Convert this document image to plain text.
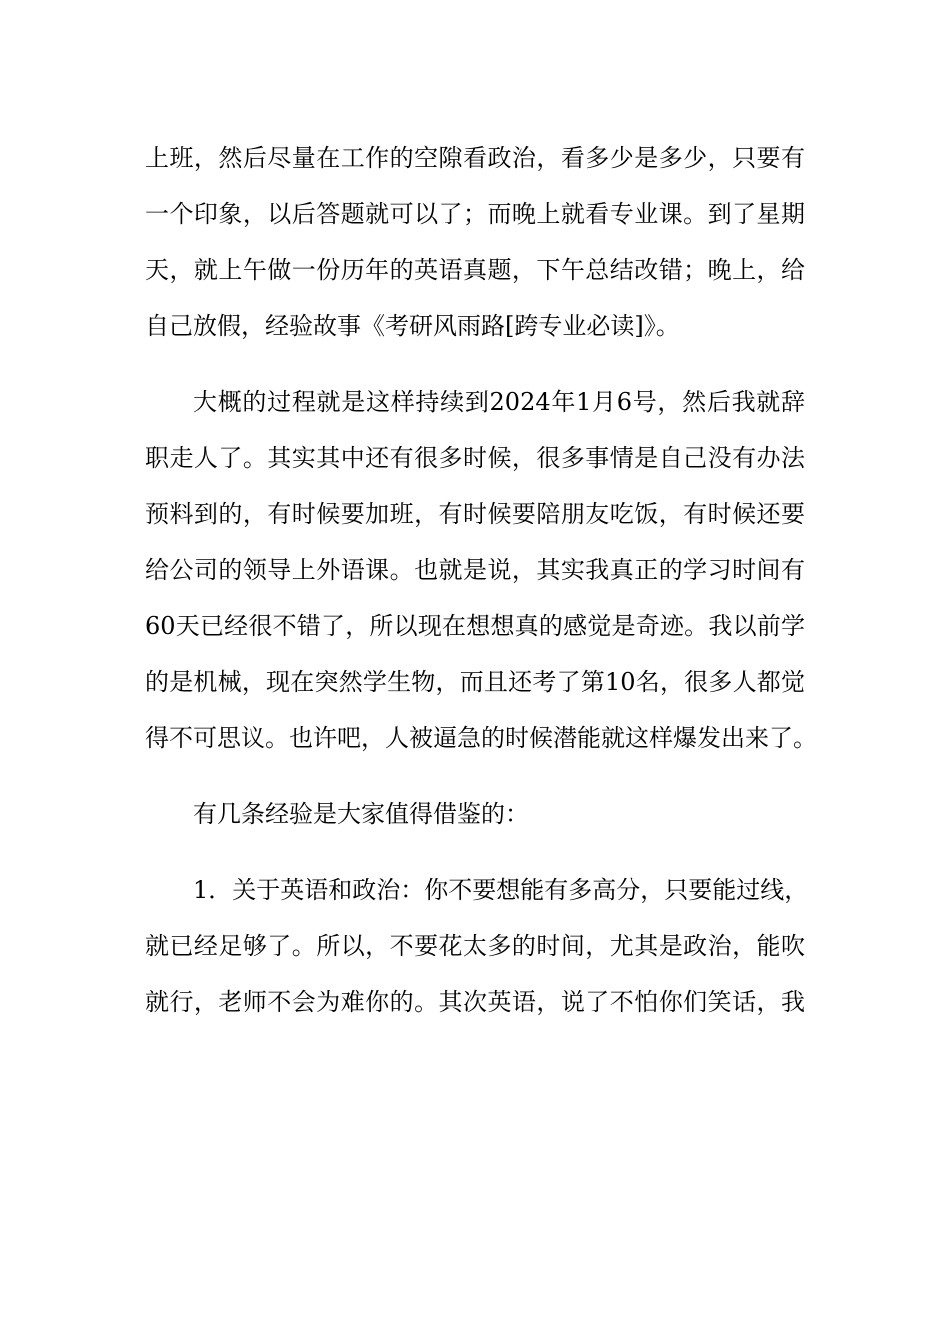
上班，然后尽量在工作的空隙看政治，看多少是多少，只要有
一个印象，以后答题就可以了；而晚上就看专业课。到了星期
天，就上午做一份历年的英语真题，下午总结改错；晚上，给
自己放假，经验故事《考研风雨路[跨专业必读]》。
大概的过程就是这样持续到2024年1月6号，然后我就辞
职走人了。其实其中还有很多时候，很多事情是自己没有办法
预料到的，有时候要加班，有时候要陪朋友吃饭，有时候还要
给公司的领导上外语课。也就是说，其实我真正的学习时间有
60天已经很不错了，所以现在想想真的感觉是奇迹。我以前学
的是机械，现在突然学生物，而且还考了第10名，很多人都觉
得不可思议。也许吧，人被逼急的时候潜能就这样爆发出来了。
有几条经验是大家值得借鉴的：
1．关于英语和政治：你不要想能有多高分，只要能过线，
就已经足够了。所以，不要花太多的时间，尤其是政治，能吹
就行，老师不会为难你的。其次英语，说了不怕你们笑话，我
